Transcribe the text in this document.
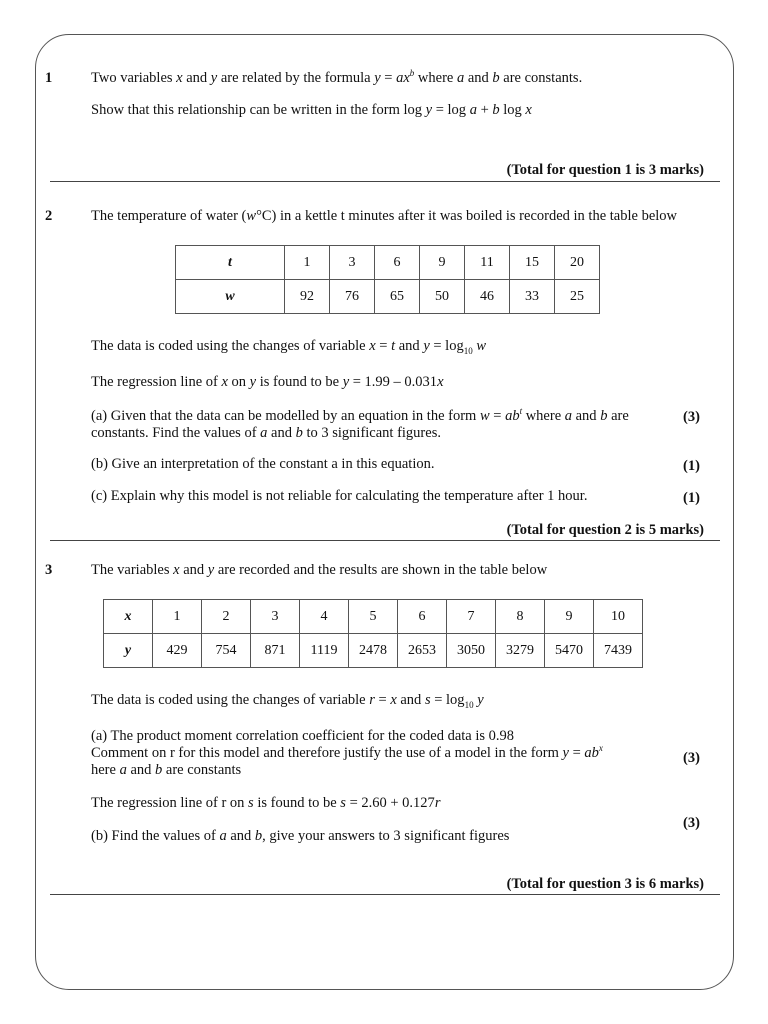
1	Two variables x and y are related by the formula $y = ax^b$ where a and b are constants.
Show that this relationship can be written in the form log y = log a + b log x
(Total for question 1 is 3 marks)
2	The temperature of water (w°C) in a kettle t minutes after it was boiled is recorded in the table below
t	1	3	6	9	11	15	20
w	92	76	65	50	46	33	25
The data is coded using the changes of variable x = t and $y = \log_{10} w$
The regression line of x on y is found to be y = 1.99 – 0.031x
(a) Given that the data can be modelled by an equation in the form $w = ab^t$ where a and b are
constants. Find the values of a and b to 3 significant figures.
(3)
(b) Give an interpretation of the constant a in this equation.	(1)
(c) Explain why this model is not reliable for calculating the temperature after 1 hour.	(1)
(Total for question 2 is 5 marks)
3	The variables x and y are recorded and the results are shown in the table below
x	1	2	3	4	5	6	7	8	9	10
y	429	754	871	1119	2478	2653	3050	3279	5470	7439
The data is coded using the changes of variable r = x and $s = \log_{10} y$
(a) The product moment correlation coefficient for the coded data is 0.98
Comment on r for this model and therefore justify the use of a model in the form $y = ab^x$
here a and b are constants
(3)
The regression line of r on s is found to be s = 2.60 + 0.127r
(3)
(b) Find the values of a and b, give your answers to 3 significant figures
(Total for question 3 is 6 marks)
